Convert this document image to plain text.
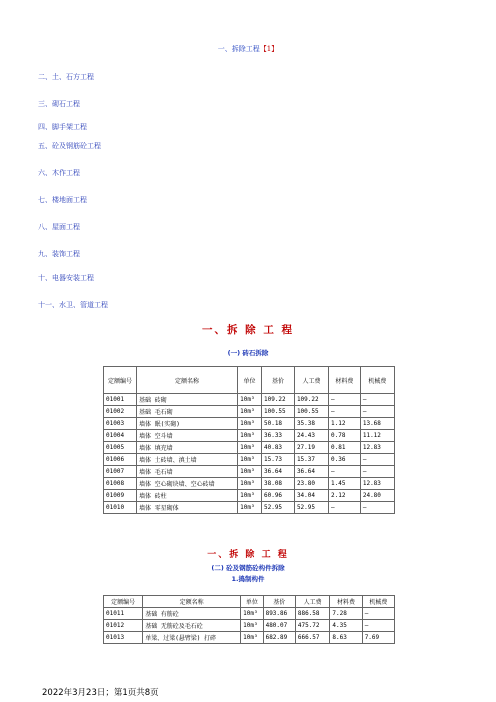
一、拆除工程【1】
二、土、石方工程
三、砌石工程
四、脚手架工程
五、砼及钢筋砼工程
六、木作工程
七、楼地面工程
八、屋面工程
九、装饰工程
十、电器安装工程
十一、水卫、管道工程
一、拆 除 工 程
(一) 砖石拆除
定额编号	定额名称	单位	基价	人工费	材料费	机械费
01001	基础 砖砌	10m³	109.22	109.22	—	—
01002	基础 毛石砌	10m³	100.55	100.55	—	—
01003	墙体 眠(实砌)	10m³	50.18	35.38	1.12	13.68
01004	墙体 空斗墙	10m³	36.33	24.43	0.78	11.12
01005	墙体 填充墙	10m³	40.83	27.19	0.81	12.83
01006	墙体 土砖墙、滇土墙	10m³	15.73	15.37	0.36	—
01007	墙体 毛石墙	10m³	36.64	36.64	—	—
01008	墙体 空心砌块墙、空心砖墙	10m³	38.08	23.80	1.45	12.83
01009	墙体 砖柱	10m³	60.96	34.04	2.12	24.80
01010	墙体 零星砌体	10m³	52.95	52.95	—	—
一、拆 除 工 程
(二) 砼及钢筋砼构件拆除
1.捣制构件
定额编号	定额名称	单位	基价	人工费	材料费	机械费
01011	基础 有筋砼	10m³	893.86	886.58	7.28	—
01012	基础 无筋砼及毛石砼	10m³	480.07	475.72	4.35	—
01013	单梁、过梁(悬臂梁) 打碎	10m³	682.89	666.57	8.63	7.69
2022年3月23日；第1页共8页
